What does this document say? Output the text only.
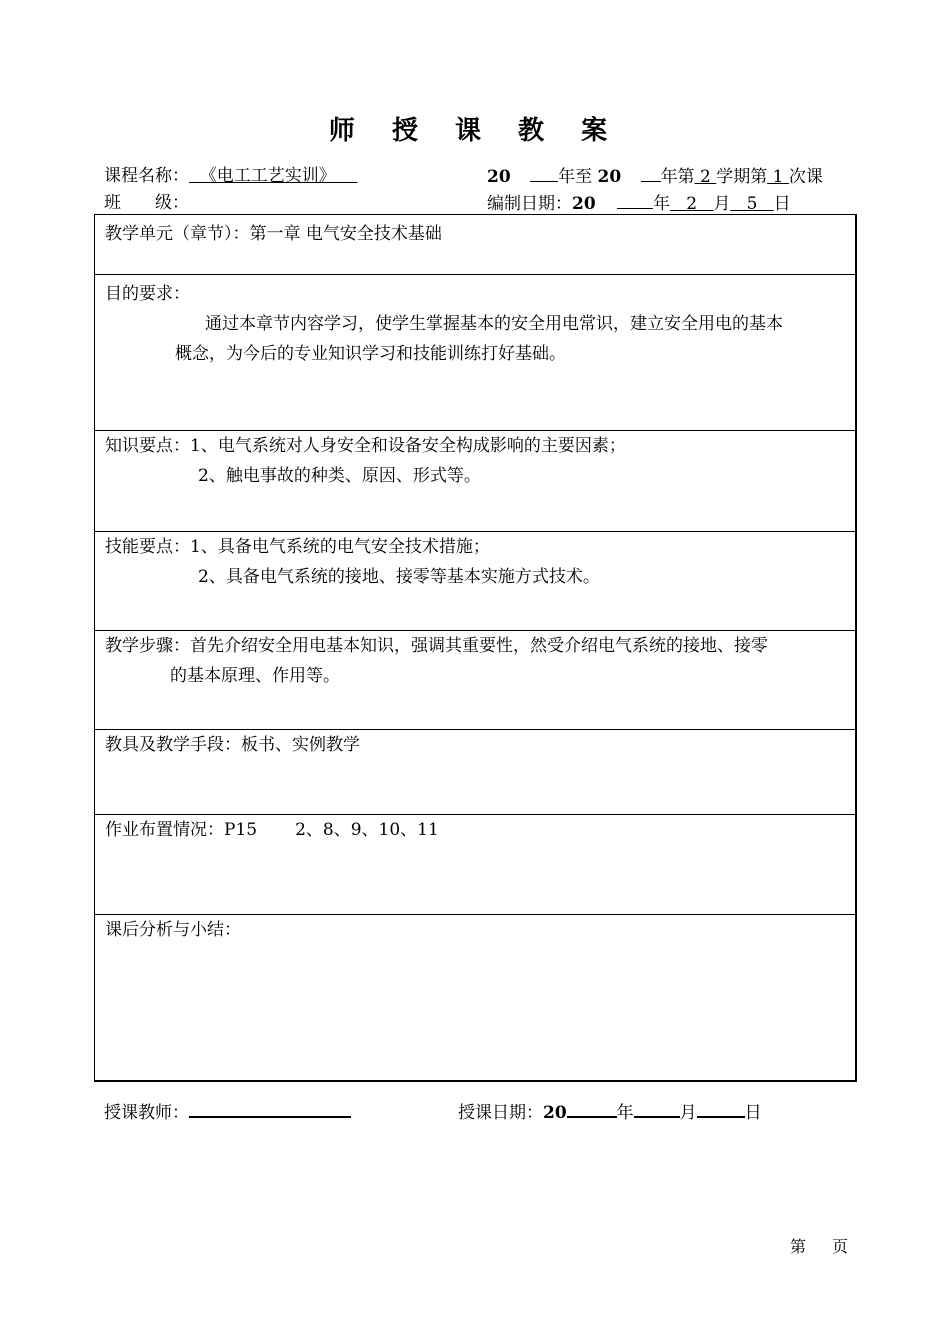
师 授 课 教 案
课程名称： 《电工工艺实训》	20	年至 20 年第 2 学期第 1 次课
班　　级：	编制日期：20	年 2 月 5 日
教学单元（章节）：第一章 电气安全技术基础
目的要求：
通过本章节内容学习，使学生掌握基本的安全用电常识，建立安全用电的基本
概念，为今后的专业知识学习和技能训练打好基础。
知识要点：1、电气系统对人身安全和设备安全构成影响的主要因素；
2、触电事故的种类、原因、形式等。
技能要点：1、具备电气系统的电气安全技术措施；
2、具备电气系统的接地、接零等基本实施方式技术。
教学步骤：首先介绍安全用电基本知识，强调其重要性，然受介绍电气系统的接地、接零
的基本原理、作用等。
教具及教学手段：板书、实例教学
作业布置情况：P15 2、8、9、10、11
课后分析与小结：
授课教师：	授课日期：20	年	月	日
第 页
